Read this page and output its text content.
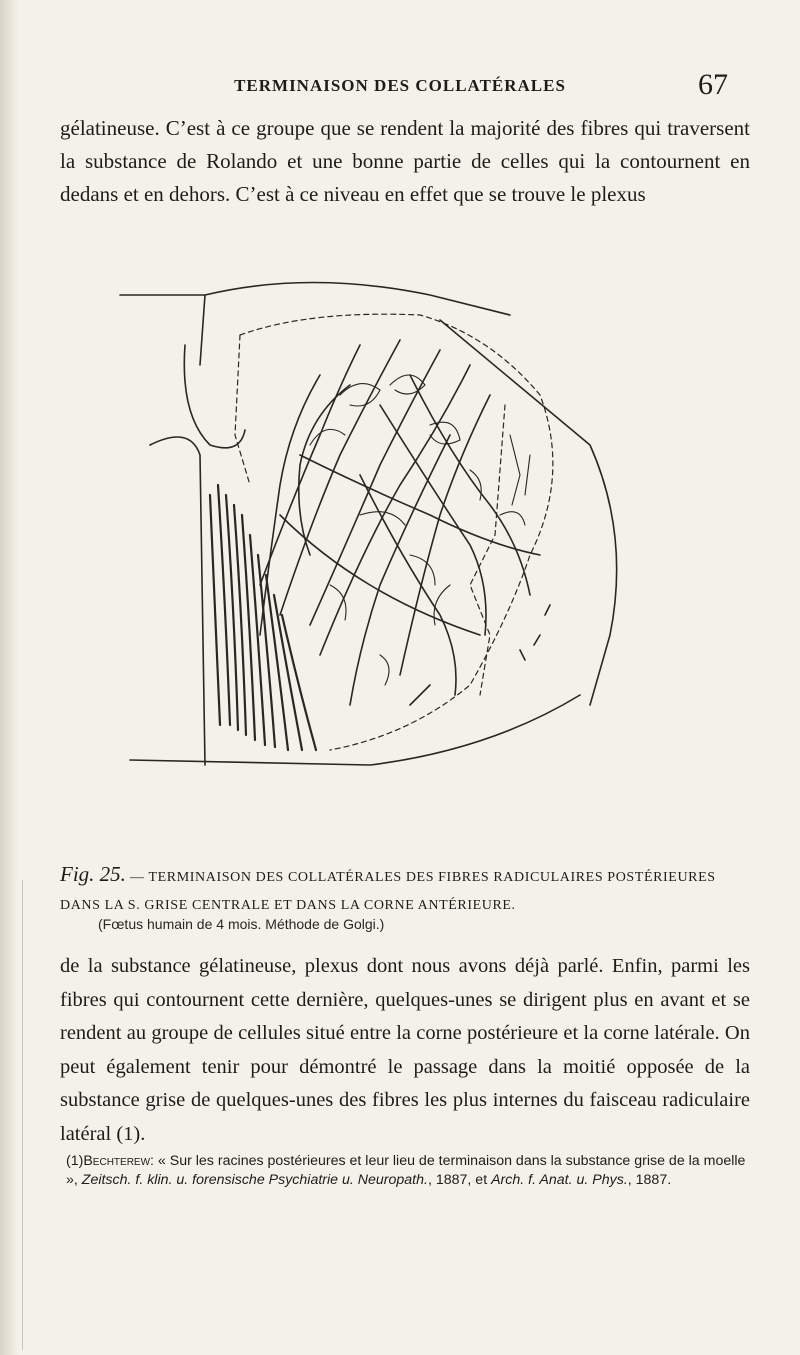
TERMINAISON DES COLLATÉRALES	67

gélatineuse. C’est à ce groupe que se rendent la majorité des fibres qui traversent la substance de Rolando et une bonne partie de celles qui la contournent en dedans et en dehors. C’est à ce niveau en effet que se trouve le plexus

Fig. 25. — TERMINAISON DES COLLATÉRALES DES FIBRES RADICULAIRES POSTÉRIEURES DANS LA S. GRISE CENTRALE ET DANS LA CORNE ANTÉRIEURE.

(Fœtus humain de 4 mois. Méthode de Golgi.)

de la substance gélatineuse, plexus dont nous avons déjà parlé. Enfin, parmi les fibres qui contournent cette dernière, quelques-unes se dirigent plus en avant et se rendent au groupe de cellules situé entre la corne postérieure et la corne latérale. On peut également tenir pour démontré le passage dans la moitié opposée de la substance grise de quelques-unes des fibres les plus internes du faisceau radiculaire latéral (1).

(1)Bechterew: « Sur les racines postérieures et leur lieu de terminaison dans la substance grise de la moelle », Zeitsch. f. klin. u. forensische Psychiatrie u. Neuropath., 1887, et Arch. f. Anat. u. Phys., 1887.
